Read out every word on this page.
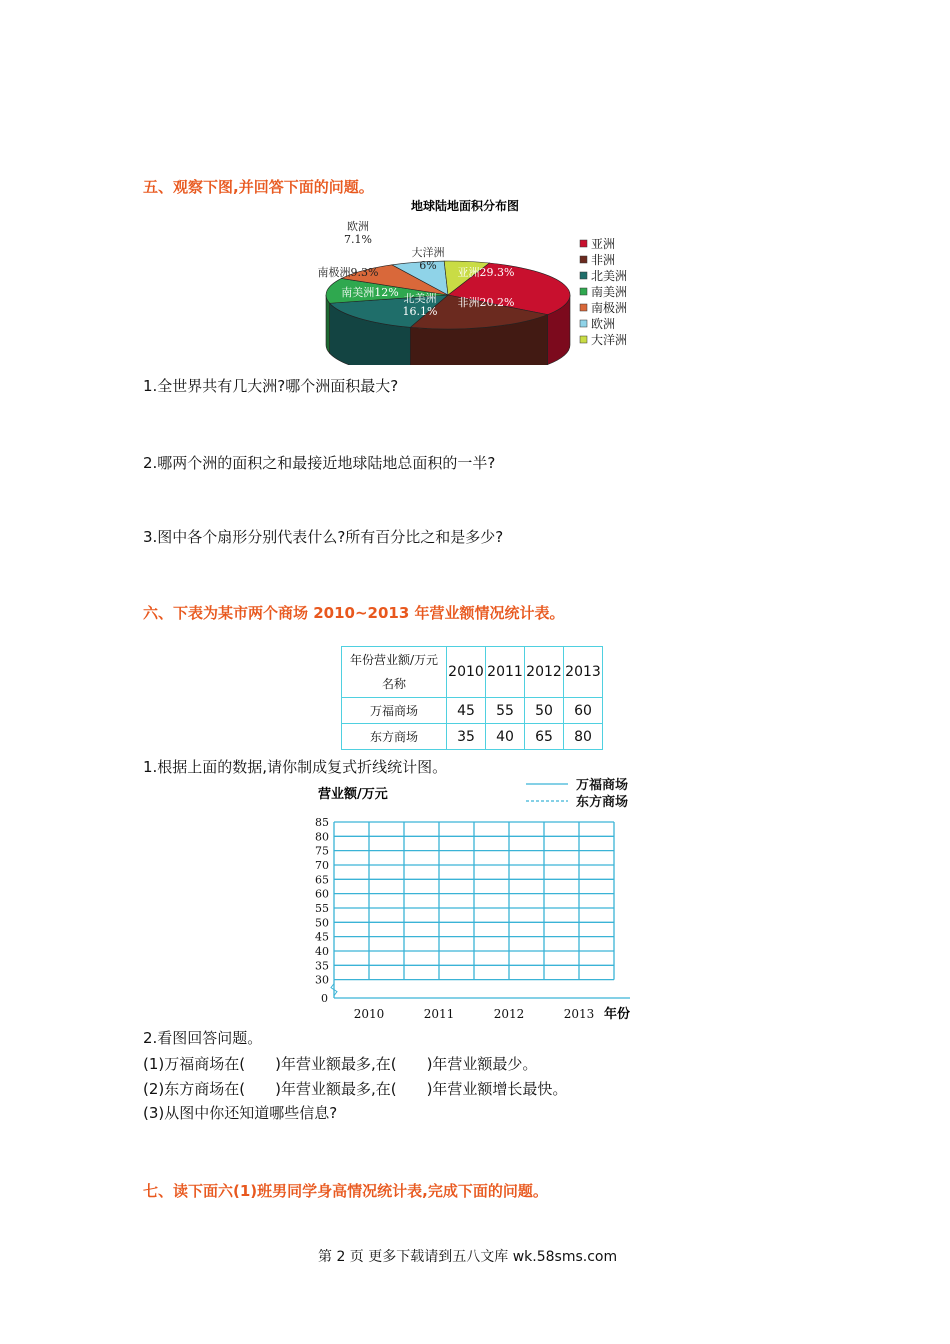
五、观察下图,并回答下面的问题。
地球陆地面积分布图
亚洲29.3%
非洲20.2%
北美洲 16.1%
南美洲12%
南极洲9.3%
欧洲 7.1%
大洋洲 6%
亚洲
非洲
北美洲
南美洲
南极洲
欧洲
大洋洲
1.全世界共有几大洲?哪个洲面积最大?
2.哪两个洲的面积之和最接近地球陆地总面积的一半?
3.图中各个扇形分别代表什么?所有百分比之和是多少?
六、下表为某市两个商场 2010~2013 年营业额情况统计表。
年份营业额/万元
名称	2010	2011	2012	2013
万福商场	45	55	50	60
东方商场	35	40	65	80
1.根据上面的数据,请你制成复式折线统计图。
营业额/万元
万福商场
东方商场
85
80
75
70
65
60
55
50
45
40
35
30
0
2010	2011	2012	2013 年份
2.看图回答问题。
(1)万福商场在(　　)年营业额最多,在(　　)年营业额最少。
(2)东方商场在(　　)年营业额最多,在(　　)年营业额增长最快。
(3)从图中你还知道哪些信息?
七、读下面六(1)班男同学身高情况统计表,完成下面的问题。
第 2 页 更多下载请到五八文库 wk.58sms.com
